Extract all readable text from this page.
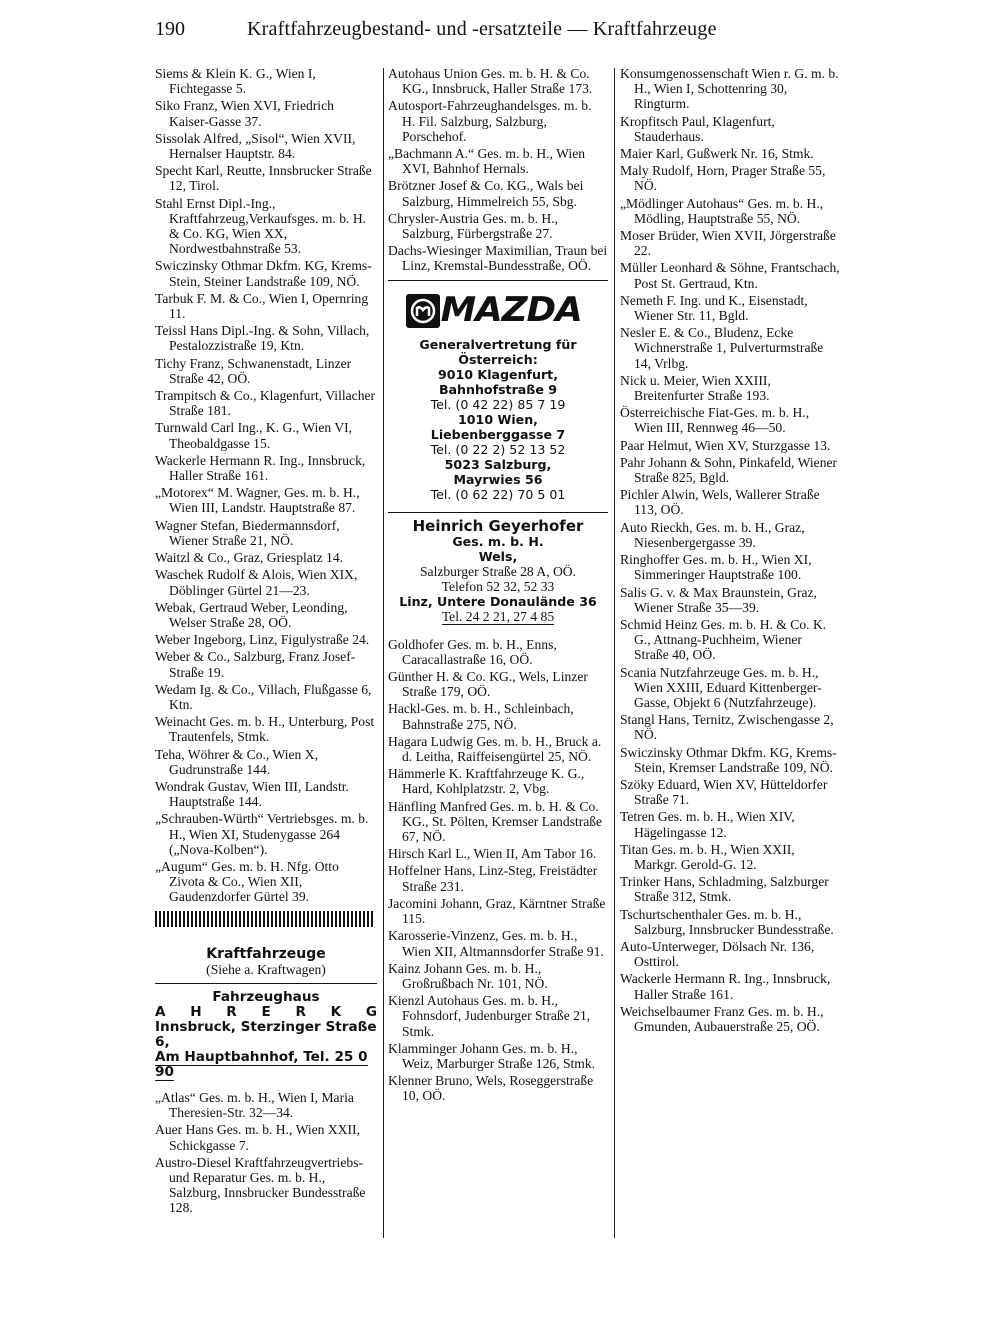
190	Kraftfahrzeugbestand- und -ersatzteile — Kraftfahrzeuge
Siems & Klein K. G., Wien I, Fichtegasse 5.
Siko Franz, Wien XVI, Friedrich Kaiser-Gasse 37.
Sissolak Alfred, „Sisol“, Wien XVII, Hernalser Hauptstr. 84.
Specht Karl, Reutte, Innsbrucker Straße 12, Tirol.
Stahl Ernst Dipl.-Ing., Kraftfahrzeug,Verkaufsges. m. b. H. & Co. KG, Wien XX, Nordwestbahnstraße 53.
Swiczinsky Othmar Dkfm. KG, Krems-Stein, Steiner Landstraße 109, NÖ.
Tarbuk F. M. & Co., Wien I, Opernring 11.
Teissl Hans Dipl.-Ing. & Sohn, Villach, Pestalozzistraße 19, Ktn.
Tichy Franz, Schwanenstadt, Linzer Straße 42, OÖ.
Trampitsch & Co., Klagenfurt, Villacher Straße 181.
Turnwald Carl Ing., K. G., Wien VI, Theobaldgasse 15.
Wackerle Hermann R. Ing., Innsbruck, Haller Straße 161.
„Motorex“ M. Wagner, Ges. m. b. H., Wien III, Landstr. Hauptstraße 87.
Wagner Stefan, Biedermannsdorf, Wiener Straße 21, NÖ.
Waitzl & Co., Graz, Griesplatz 14.
Waschek Rudolf & Alois, Wien XIX, Döblinger Gürtel 21—23.
Webak, Gertraud Weber, Leonding, Welser Straße 28, OÖ.
Weber Ingeborg, Linz, Figulystraße 24.
Weber & Co., Salzburg, Franz Josef-Straße 19.
Wedam Ig. & Co., Villach, Flußgasse 6, Ktn.
Weinacht Ges. m. b. H., Unterburg, Post Trautenfels, Stmk.
Teha, Wöhrer & Co., Wien X, Gudrunstraße 144.
Wondrak Gustav, Wien III, Landstr. Hauptstraße 144.
„Schrauben-Würth“ Vertriebsges. m. b. H., Wien XI, Studenygasse 264 („Nova-Kolben“).
„Augum“ Ges. m. b. H. Nfg. Otto Zivota & Co., Wien XII, Gaudenzdorfer Gürtel 39.
Kraftfahrzeuge
(Siehe a. Kraftwagen)
Fahrzeughaus
A H R E R K G
Innsbruck, Sterzinger Straße 6,
Am Hauptbahnhof, Tel. 25 0 90
„Atlas“ Ges. m. b. H., Wien I, Maria Theresien-Str. 32—34.
Auer Hans Ges. m. b. H., Wien XXII, Schickgasse 7.
Austro-Diesel Kraftfahrzeugvertriebs- und Reparatur Ges. m. b. H., Salzburg, Innsbrucker Bundesstraße 128.
Autohaus Union Ges. m. b. H. & Co. KG., Innsbruck, Haller Straße 173.
Autosport-Fahrzeughandelsges. m. b. H. Fil. Salzburg, Salzburg, Porschehof.
„Bachmann A.“ Ges. m. b. H., Wien XVI, Bahnhof Hernals.
Brötzner Josef & Co. KG., Wals bei Salzburg, Himmelreich 55, Sbg.
Chrysler-Austria Ges. m. b. H., Salzburg, Fürbergstraße 27.
Dachs-Wiesinger Maximilian, Traun bei Linz, Kremstal-Bundesstraße, OÖ.
MAZDA
Generalvertretung für
Österreich:
9010 Klagenfurt,
Bahnhofstraße 9
Tel. (0 42 22) 85 7 19
1010 Wien,
Liebenberggasse 7
Tel. (0 22 2) 52 13 52
5023 Salzburg,
Mayrwies 56
Tel. (0 62 22) 70 5 01
Heinrich Geyerhofer
Ges. m. b. H.
Wels,
Salzburger Straße 28 A, OÖ.
Telefon 52 32, 52 33
Linz, Untere Donaulände 36
Tel. 24 2 21, 27 4 85
Goldhofer Ges. m. b. H., Enns, Caracallastraße 16, OÖ.
Günther H. & Co. KG., Wels, Linzer Straße 179, OÖ.
Hackl-Ges. m. b. H., Schleinbach, Bahnstraße 275, NÖ.
Hagara Ludwig Ges. m. b. H., Bruck a. d. Leitha, Raiffeisengürtel 25, NÖ.
Hämmerle K. Kraftfahrzeuge K. G., Hard, Kohlplatzstr. 2, Vbg.
Hänfling Manfred Ges. m. b. H. & Co. KG., St. Pölten, Kremser Landstraße 67, NÖ.
Hirsch Karl L., Wien II, Am Tabor 16.
Hoffelner Hans, Linz-Steg, Freistädter Straße 231.
Jacomini Johann, Graz, Kärntner Straße 115.
Karosserie-Vinzenz, Ges. m. b. H., Wien XII, Altmannsdorfer Straße 91.
Kainz Johann Ges. m. b. H., Großrußbach Nr. 101, NÖ.
Kienzl Autohaus Ges. m. b. H., Fohnsdorf, Judenburger Straße 21, Stmk.
Klamminger Johann Ges. m. b. H., Weiz, Marburger Straße 126, Stmk.
Klenner Bruno, Wels, Roseggerstraße 10, OÖ.
Konsumgenossenschaft Wien r. G. m. b. H., Wien I, Schottenring 30, Ringturm.
Kropfitsch Paul, Klagenfurt, Stauderhaus.
Maier Karl, Gußwerk Nr. 16, Stmk.
Maly Rudolf, Horn, Prager Straße 55, NÖ.
„Mödlinger Autohaus“ Ges. m. b. H., Mödling, Hauptstraße 55, NÖ.
Moser Brüder, Wien XVII, Jörgerstraße 22.
Müller Leonhard & Söhne, Frantschach, Post St. Gertraud, Ktn.
Nemeth F. Ing. und K., Eisenstadt, Wiener Str. 11, Bgld.
Nesler E. & Co., Bludenz, Ecke Wichnerstraße 1, Pulverturmstraße 14, Vrlbg.
Nick u. Meier, Wien XXIII, Breitenfurter Straße 193.
Österreichische Fiat-Ges. m. b. H., Wien III, Rennweg 46—50.
Paar Helmut, Wien XV, Sturzgasse 13.
Pahr Johann & Sohn, Pinkafeld, Wiener Straße 825, Bgld.
Pichler Alwin, Wels, Wallerer Straße 113, OÖ.
Auto Rieckh, Ges. m. b. H., Graz, Niesenbergergasse 39.
Ringhoffer Ges. m. b. H., Wien XI, Simmeringer Hauptstraße 100.
Salis G. v. & Max Braunstein, Graz, Wiener Straße 35—39.
Schmid Heinz Ges. m. b. H. & Co. K. G., Attnang-Puchheim, Wiener Straße 40, OÖ.
Scania Nutzfahrzeuge Ges. m. b. H., Wien XXIII, Eduard Kittenberger-Gasse, Objekt 6 (Nutzfahrzeuge).
Stangl Hans, Ternitz, Zwischengasse 2, NÖ.
Swiczinsky Othmar Dkfm. KG, Krems-Stein, Kremser Landstraße 109, NÖ.
Szöky Eduard, Wien XV, Hütteldorfer Straße 71.
Tetren Ges. m. b. H., Wien XIV, Hägelingasse 12.
Titan Ges. m. b. H., Wien XXII, Markgr. Gerold-G. 12.
Trinker Hans, Schladming, Salzburger Straße 312, Stmk.
Tschurtschenthaler Ges. m. b. H., Salzburg, Innsbrucker Bundesstraße.
Auto-Unterweger, Dölsach Nr. 136, Osttirol.
Wackerle Hermann R. Ing., Innsbruck, Haller Straße 161.
Weichselbaumer Franz Ges. m. b. H., Gmunden, Aubauerstraße 25, OÖ.
